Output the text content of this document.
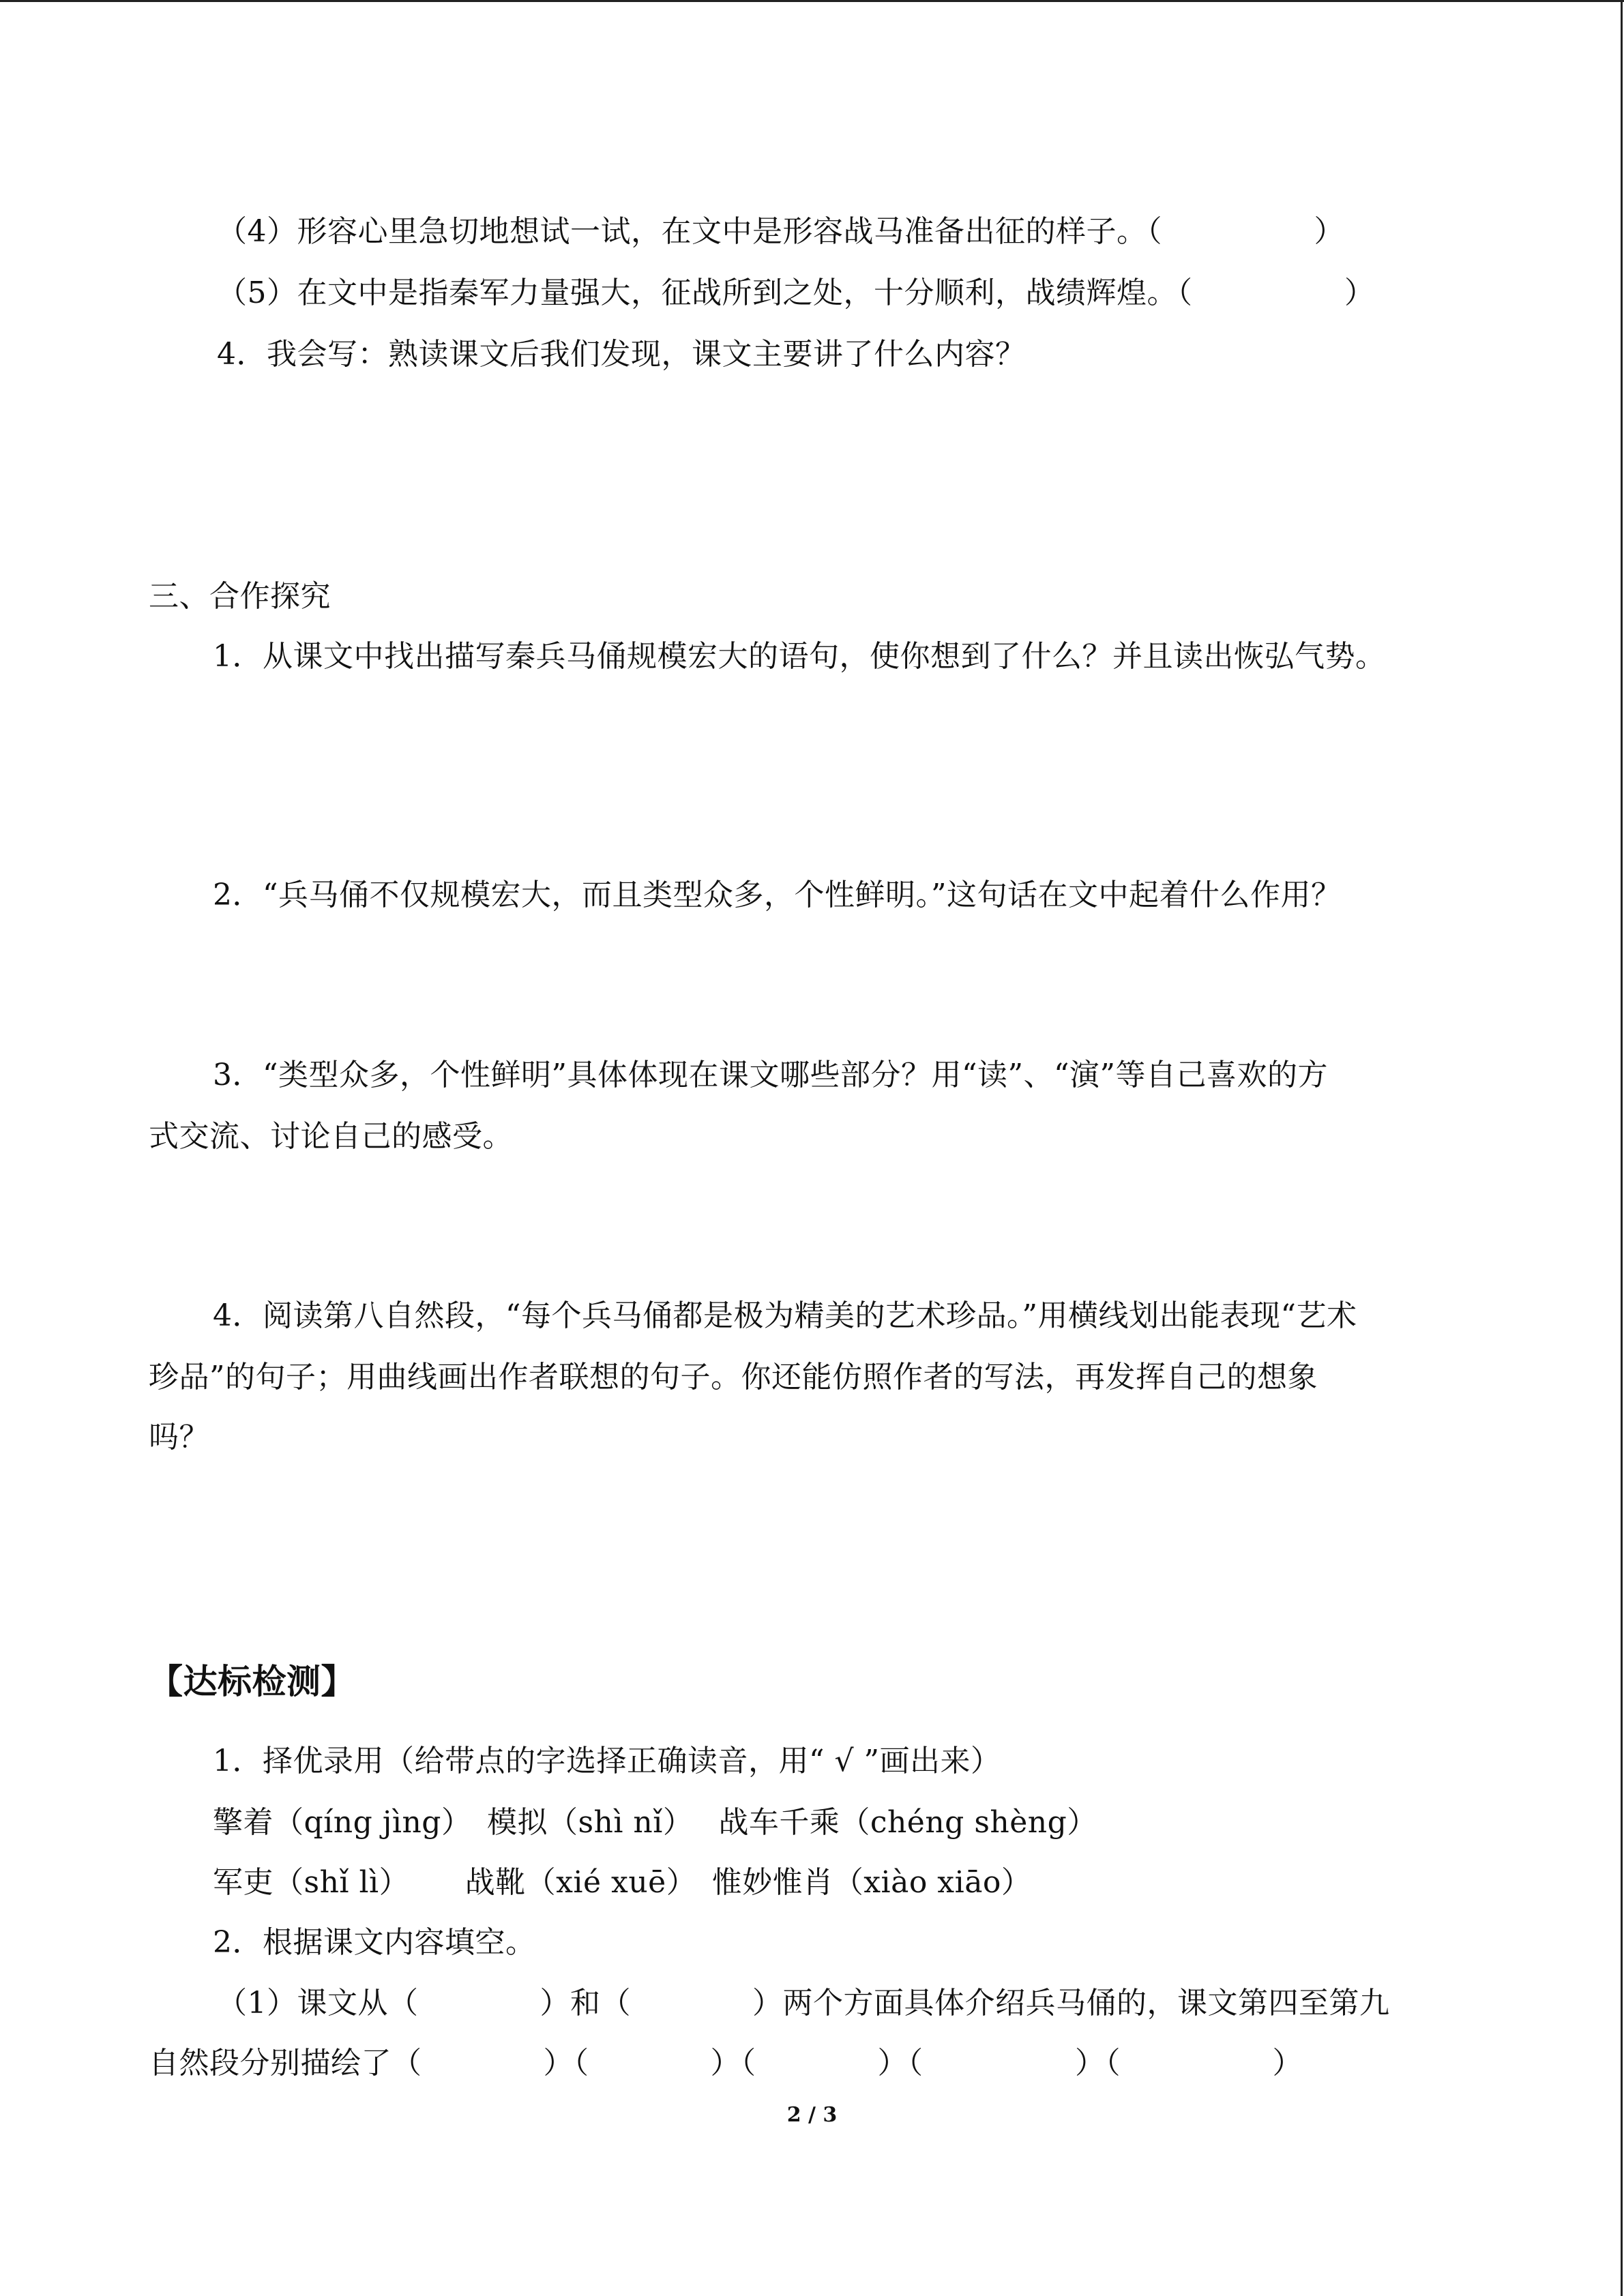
（4）形容心里急切地想试一试，在文中是形容战马准备出征的样子。（　　　　　）
（5）在文中是指秦军力量强大，征战所到之处，十分顺利，战绩辉煌。（　　　　　）
4．我会写：熟读课文后我们发现，课文主要讲了什么内容？
三、合作探究
1．从课文中找出描写秦兵马俑规模宏大的语句，使你想到了什么？并且读出恢弘气势。
2．“兵马俑不仅规模宏大，而且类型众多，个性鲜明。”这句话在文中起着什么作用？
3．“类型众多，个性鲜明”具体体现在课文哪些部分？用“读”、“演”等自己喜欢的方
式交流、讨论自己的感受。
4．阅读第八自然段，“每个兵马俑都是极为精美的艺术珍品。”用横线划出能表现“艺术
珍品”的句子；用曲线画出作者联想的句子。你还能仿照作者的写法，再发挥自己的想象
吗？
【达标检测】
1．择优录用（给带点的字选择正确读音，用“ √ ”画出来）
擎着（qíng jìng）　模拟（shì nǐ）　 战车千乘（chéng shèng）
军吏（shǐ lì）　　 战靴（xié xuē）　惟妙惟肖（xiào xiāo）
2．根据课文内容填空。
（1）课文从（　　　　）和（　　　　）两个方面具体介绍兵马俑的，课文第四至第九
自然段分别描绘了（　　　　）（　　　　）（　　　　）（　　　　　）（　　　　　）
2 / 3
